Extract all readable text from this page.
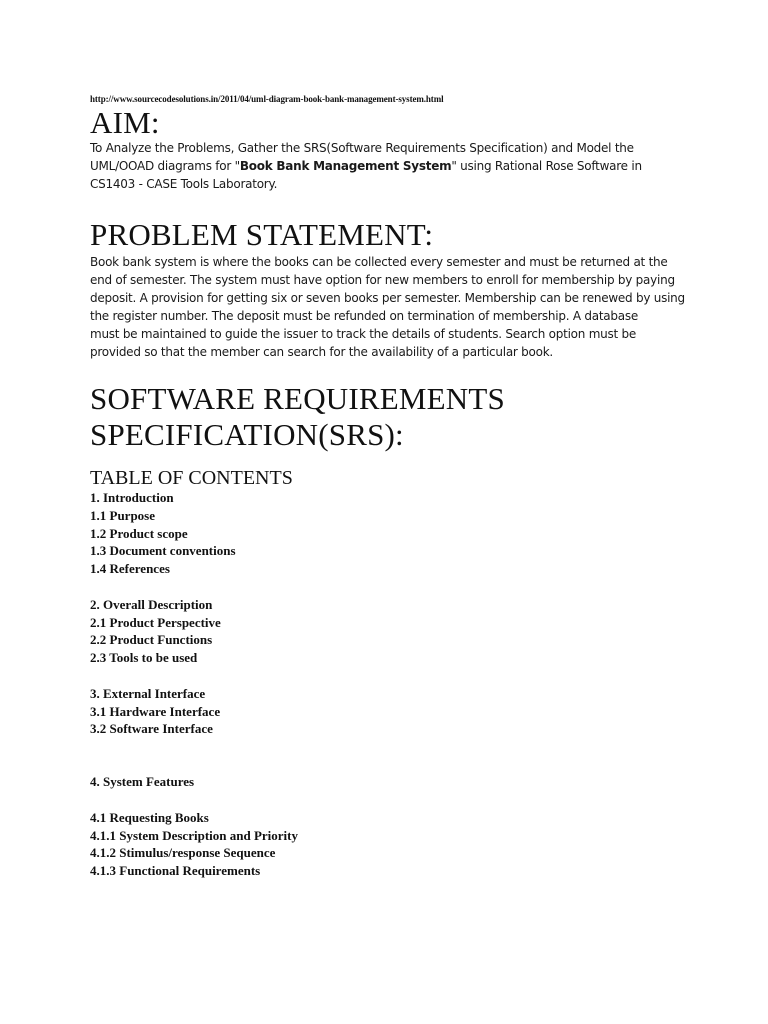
http://www.sourcecodesolutions.in/2011/04/uml-diagram-book-bank-management-system.html

AIM:

To Analyze the Problems, Gather the SRS(Software Requirements Specification) and Model the UML/OOAD diagrams for "Book Bank Management System" using Rational Rose Software in CS1403 - CASE Tools Laboratory.

PROBLEM STATEMENT:

Book bank system is where the books can be collected every semester and must be returned at the end of semester. The system must have option for new members to enroll for membership by paying deposit. A provision for getting six or seven books per semester. Membership can be renewed by using the register number. The deposit must be refunded on termination of membership. A database

must be maintained to guide the issuer to track the details of students. Search option must be provided so that the member can search for the availability of a particular book.

SOFTWARE REQUIREMENTS
SPECIFICATION(SRS):
TABLE OF CONTENTS
1. Introduction
1.1 Purpose
1.2 Product scope
1.3 Document conventions
1.4 References
2. Overall Description
2.1 Product Perspective
2.2 Product Functions
2.3 Tools to be used
3. External Interface
3.1 Hardware Interface
3.2 Software Interface
4. System Features
4.1 Requesting Books
4.1.1 System Description and Priority
4.1.2 Stimulus/response Sequence
4.1.3 Functional Requirements
